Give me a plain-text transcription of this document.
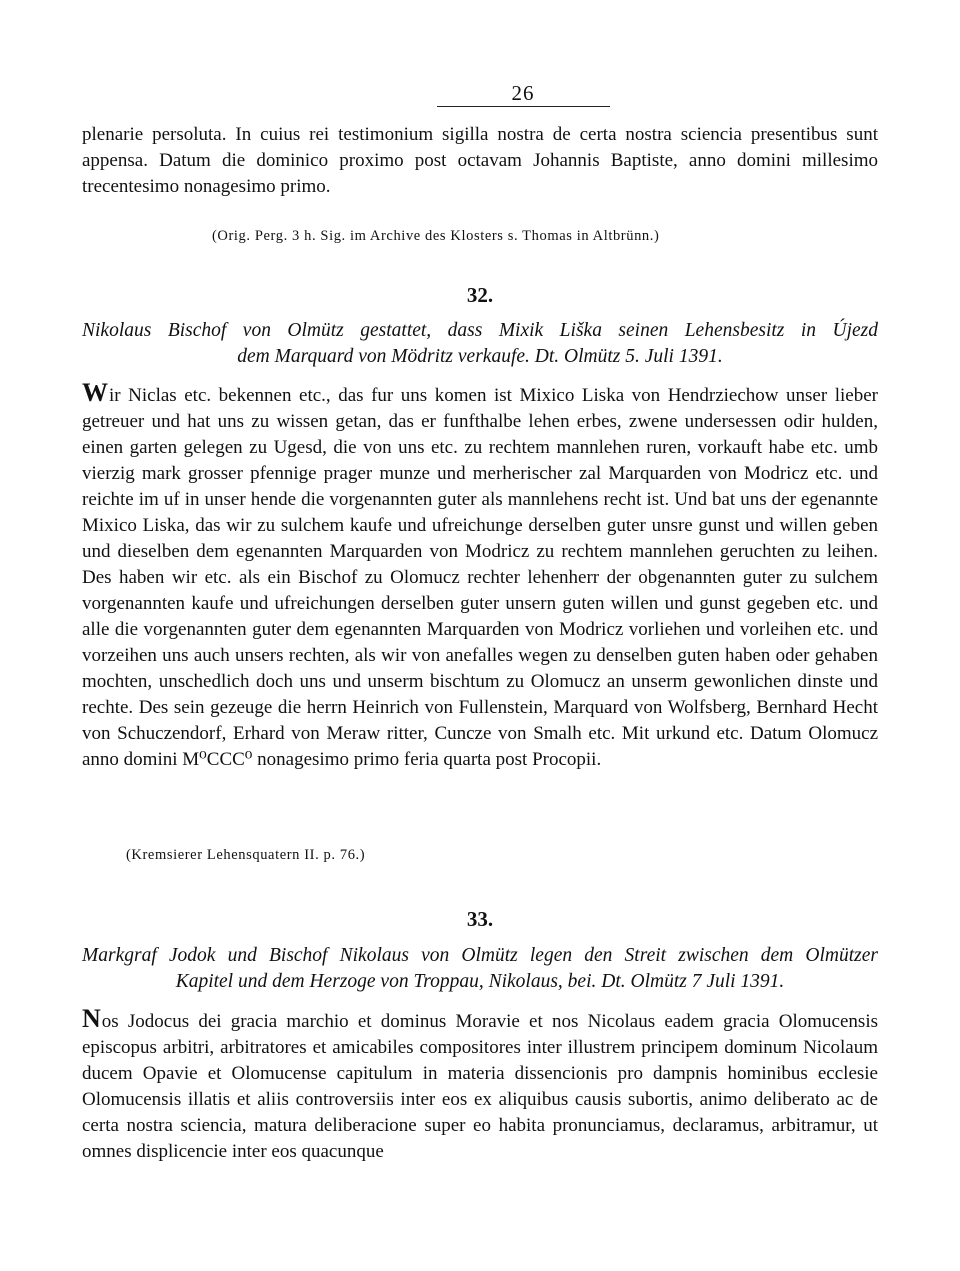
26

plenarie persoluta. In cuius rei testimonium sigilla nostra de certa nostra sciencia presentibus sunt appensa. Datum die dominico proximo post octavam Johannis Baptiste, anno domini millesimo trecentesimo nonagesimo primo.

(Orig. Perg. 3 h. Sig. im Archive des Klosters s. Thomas in Altbrünn.)
32.
Nikolaus Bischof von Olmütz gestattet, dass Mixik Liška seinen Lehensbesitz in Újezd
dem Marquard von Mödritz verkaufe. Dt. Olmütz 5. Juli 1391.

Wir Niclas etc. bekennen etc., das fur uns komen ist Mixico Liska von Hendrziechow unser lieber getreuer und hat uns zu wissen getan, das er funfthalbe lehen erbes, zwene undersessen odir hulden, einen garten gelegen zu Ugesd, die von uns etc. zu rechtem mannlehen ruren, vorkauft habe etc. umb vierzig mark grosser pfennige prager munze und merherischer zal Marquarden von Modricz etc. und reichte im uf in unser hende die vorgenannten guter als mannlehens recht ist. Und bat uns der egenannte Mixico Liska, das wir zu sulchem kaufe und ufreichunge derselben guter unsre gunst und willen geben und dieselben dem egenannten Marquarden von Modricz zu rechtem mannlehen geruchten zu leihen. Des haben wir etc. als ein Bischof zu Olomucz rechter lehenherr der obgenannten guter zu sulchem vorgenannten kaufe und ufreichungen derselben guter unsern guten willen und gunst gegeben etc. und alle die vorgenannten guter dem egenannten Marquarden von Modricz vorliehen und vorleihen etc. und vorzeihen uns auch unsers rechten, als wir von anefalles wegen zu denselben guten haben oder gehaben mochten, unschedlich doch uns und unserm bischtum zu Olomucz an unserm gewonlichen dinste und rechte. Des sein gezeuge die herrn Heinrich von Fullenstein, Marquard von Wolfsberg, Bernhard Hecht von Schuczendorf, Erhard von Meraw ritter, Cuncze von Smalh etc. Mit urkund etc. Datum Olomucz anno domini M⁰CCC⁰ nonagesimo primo feria quarta post Procopii.

(Kremsierer Lehensquatern II. p. 76.)
33.
Markgraf Jodok und Bischof Nikolaus von Olmütz legen den Streit zwischen dem Olmützer
Kapitel und dem Herzoge von Troppau, Nikolaus, bei. Dt. Olmütz 7 Juli 1391.

Nos Jodocus dei gracia marchio et dominus Moravie et nos Nicolaus eadem gracia Olomucensis episcopus arbitri, arbitratores et amicabiles compositores inter illustrem principem dominum Nicolaum ducem Opavie et Olomucense capitulum in materia dissencionis pro dampnis hominibus ecclesie Olomucensis illatis et aliis controversiis inter eos ex aliquibus causis subortis, animo deliberato ac de certa nostra sciencia, matura deliberacione super eo habita pronunciamus, declaramus, arbitramur, ut omnes displicencie inter eos quacunque
